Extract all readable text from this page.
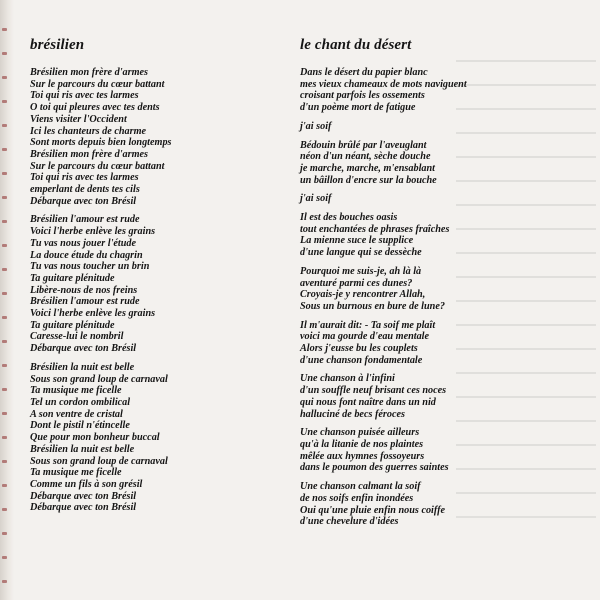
brésilien
Brésilien mon frère d'armes
Sur le parcours du cœur battant
Toi qui ris avec tes larmes
O toi qui pleures avec tes dents
Viens visiter l'Occident
Ici les chanteurs de charme
Sont morts depuis bien longtemps
Brésilien mon frère d'armes
Sur le parcours du cœur battant
Toi qui ris avec tes larmes
emperlant de dents tes cils
Débarque avec ton Brésil
Brésilien l'amour est rude
Voici l'herbe enlève les grains
Tu vas nous jouer l'étude
La douce étude du chagrin
Tu vas nous toucher un brin
Ta guitare plénitude
Libère-nous de nos freins
Brésilien l'amour est rude
Voici l'herbe enlève les grains
Ta guitare plénitude
Caresse-lui le nombril
Débarque avec ton Brésil
Brésilien la nuit est belle
Sous son grand loup de carnaval
Ta musique me ficelle
Tel un cordon ombilical
A son ventre de cristal
Dont le pistil n'étincelle
Que pour mon bonheur buccal
Brésilien la nuit est belle
Sous son grand loup de carnaval
Ta musique me ficelle
Comme un fils à son grésil
Débarque avec ton Brésil
Débarque avec ton Brésil
le chant du désert
Dans le désert du papier blanc
mes vieux chameaux de mots naviguent
croisant parfois les ossements
d'un poème mort de fatigue
j'ai soif
Bédouin brûlé par l'aveuglant
néon d'un néant, sèche douche
je marche, marche, m'ensablant
un bâillon d'encre sur la bouche
j'ai soif
Il est des bouches oasis
tout enchantées de phrases fraîches
La mienne suce le supplice
d'une langue qui se dessèche
Pourquoi me suis-je, ah là là
aventuré parmi ces dunes?
Croyais-je y rencontrer Allah,
Sous un burnous en bure de lune?
Il m'aurait dit: - Ta soif me plaît
voici ma gourde d'eau mentale
Alors j'eusse bu les couplets
d'une chanson fondamentale
Une chanson à l'infini
d'un souffle neuf brisant ces noces
qui nous font naître dans un nid
halluciné de becs féroces
Une chanson puisée ailleurs
qu'à la litanie de nos plaintes
mêlée aux hymnes fossoyeurs
dans le poumon des guerres saintes
Une chanson calmant la soif
de nos soifs enfin inondées
Oui qu'une pluie enfin nous coiffe
d'une chevelure d'idées
